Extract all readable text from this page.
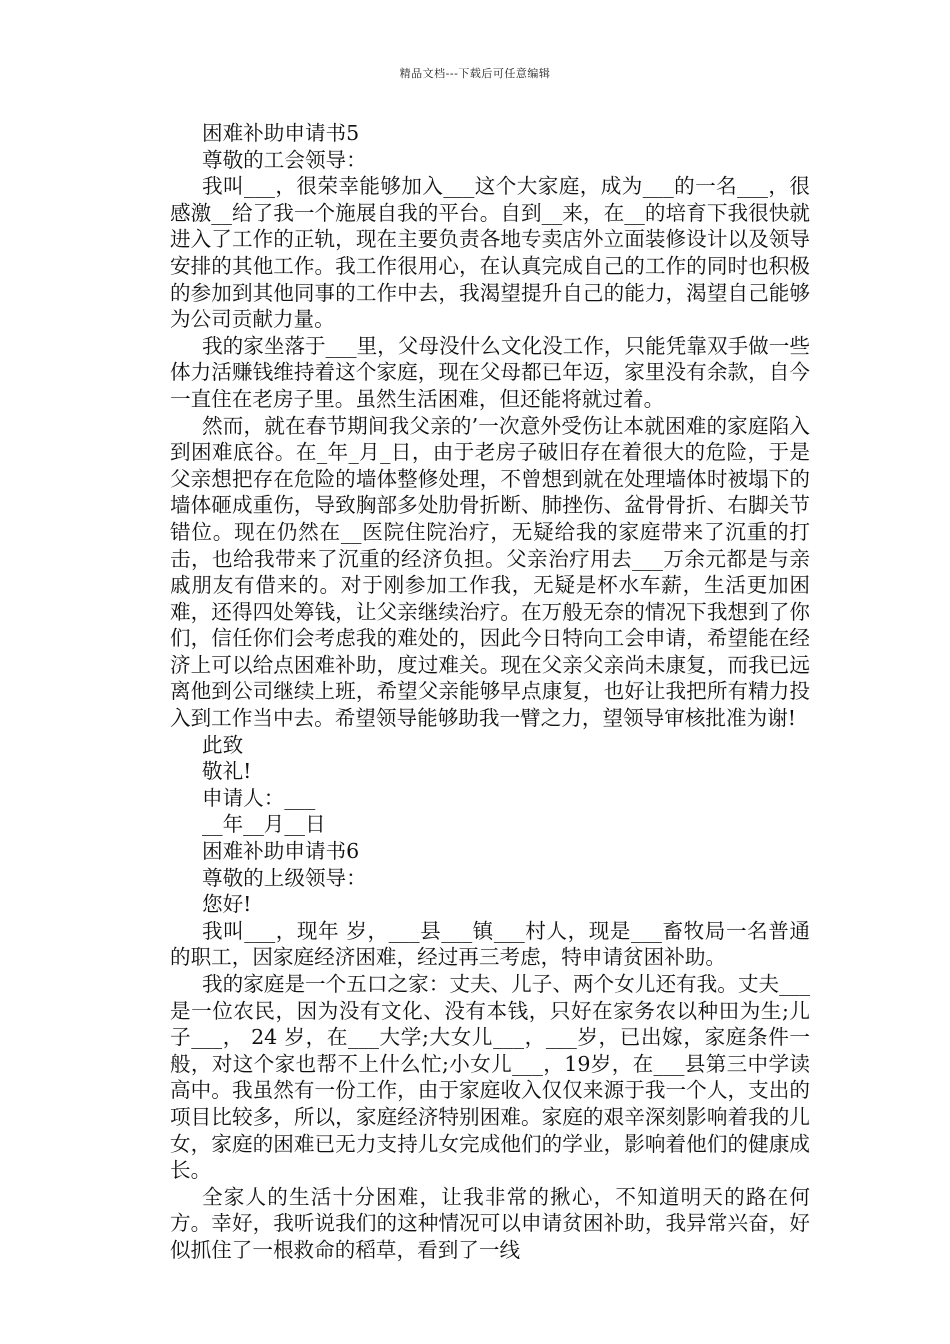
精品文档---下载后可任意编辑

困难补助申请书5

尊敬的工会领导：

我叫___，很荣幸能够加入___这个大家庭，成为___的一名___，很感激__给了我一个施展自我的平台。自到__来，在__的培育下我很快就进入了工作的正轨，现在主要负责各地专卖店外立面装修设计以及领导安排的其他工作。我工作很用心，在认真完成自己的工作的同时也积极的参加到其他同事的工作中去，我渴望提升自己的能力，渴望自己能够为公司贡献力量。

我的家坐落于___里，父母没什么文化没工作，只能凭靠双手做一些体力活赚钱维持着这个家庭，现在父母都已年迈，家里没有余款，自今一直住在老房子里。虽然生活困难，但还能将就过着。

然而，就在春节期间我父亲的’一次意外受伤让本就困难的家庭陷入到困难底谷。在_年_月_日，由于老房子破旧存在着很大的危险，于是父亲想把存在危险的墙体整修处理，不曾想到就在处理墙体时被塌下的墙体砸成重伤，导致胸部多处肋骨折断、肺挫伤、盆骨骨折、右脚关节错位。现在仍然在__医院住院治疗，无疑给我的家庭带来了沉重的打击，也给我带来了沉重的经济负担。父亲治疗用去___万余元都是与亲戚朋友有借来的。对于刚参加工作我，无疑是杯水车薪，生活更加困难，还得四处筹钱，让父亲继续治疗。在万般无奈的情况下我想到了你们，信任你们会考虑我的难处的，因此今日特向工会申请，希望能在经济上可以给点困难补助，度过难关。现在父亲父亲尚未康复，而我已远离他到公司继续上班，希望父亲能够早点康复，也好让我把所有精力投入到工作当中去。希望领导能够助我一臂之力，望领导审核批准为谢!

此致

敬礼!

申请人：___

__年__月__日

困难补助申请书6

尊敬的上级领导：

您好!

我叫___，现年 岁，___县___镇___村人，现是___畜牧局一名普通的职工，因家庭经济困难，经过再三考虑，特申请贫困补助。

我的家庭是一个五口之家：丈夫、儿子、两个女儿还有我。丈夫___是一位农民，因为没有文化、没有本钱，只好在家务农以种田为生;儿子___， 24 岁，在___大学;大女儿___，___岁，已出嫁，家庭条件一般，对这个家也帮不上什么忙;小女儿___，19岁，在___县第三中学读高中。我虽然有一份工作，由于家庭收入仅仅来源于我一个人，支出的项目比较多，所以，家庭经济特别困难。家庭的艰辛深刻影响着我的儿女，家庭的困难已无力支持儿女完成他们的学业，影响着他们的健康成长。

全家人的生活十分困难，让我非常的揪心，不知道明天的路在何方。幸好，我听说我们的这种情况可以申请贫困补助，我异常兴奋，好似抓住了一根救命的稻草，看到了一线
